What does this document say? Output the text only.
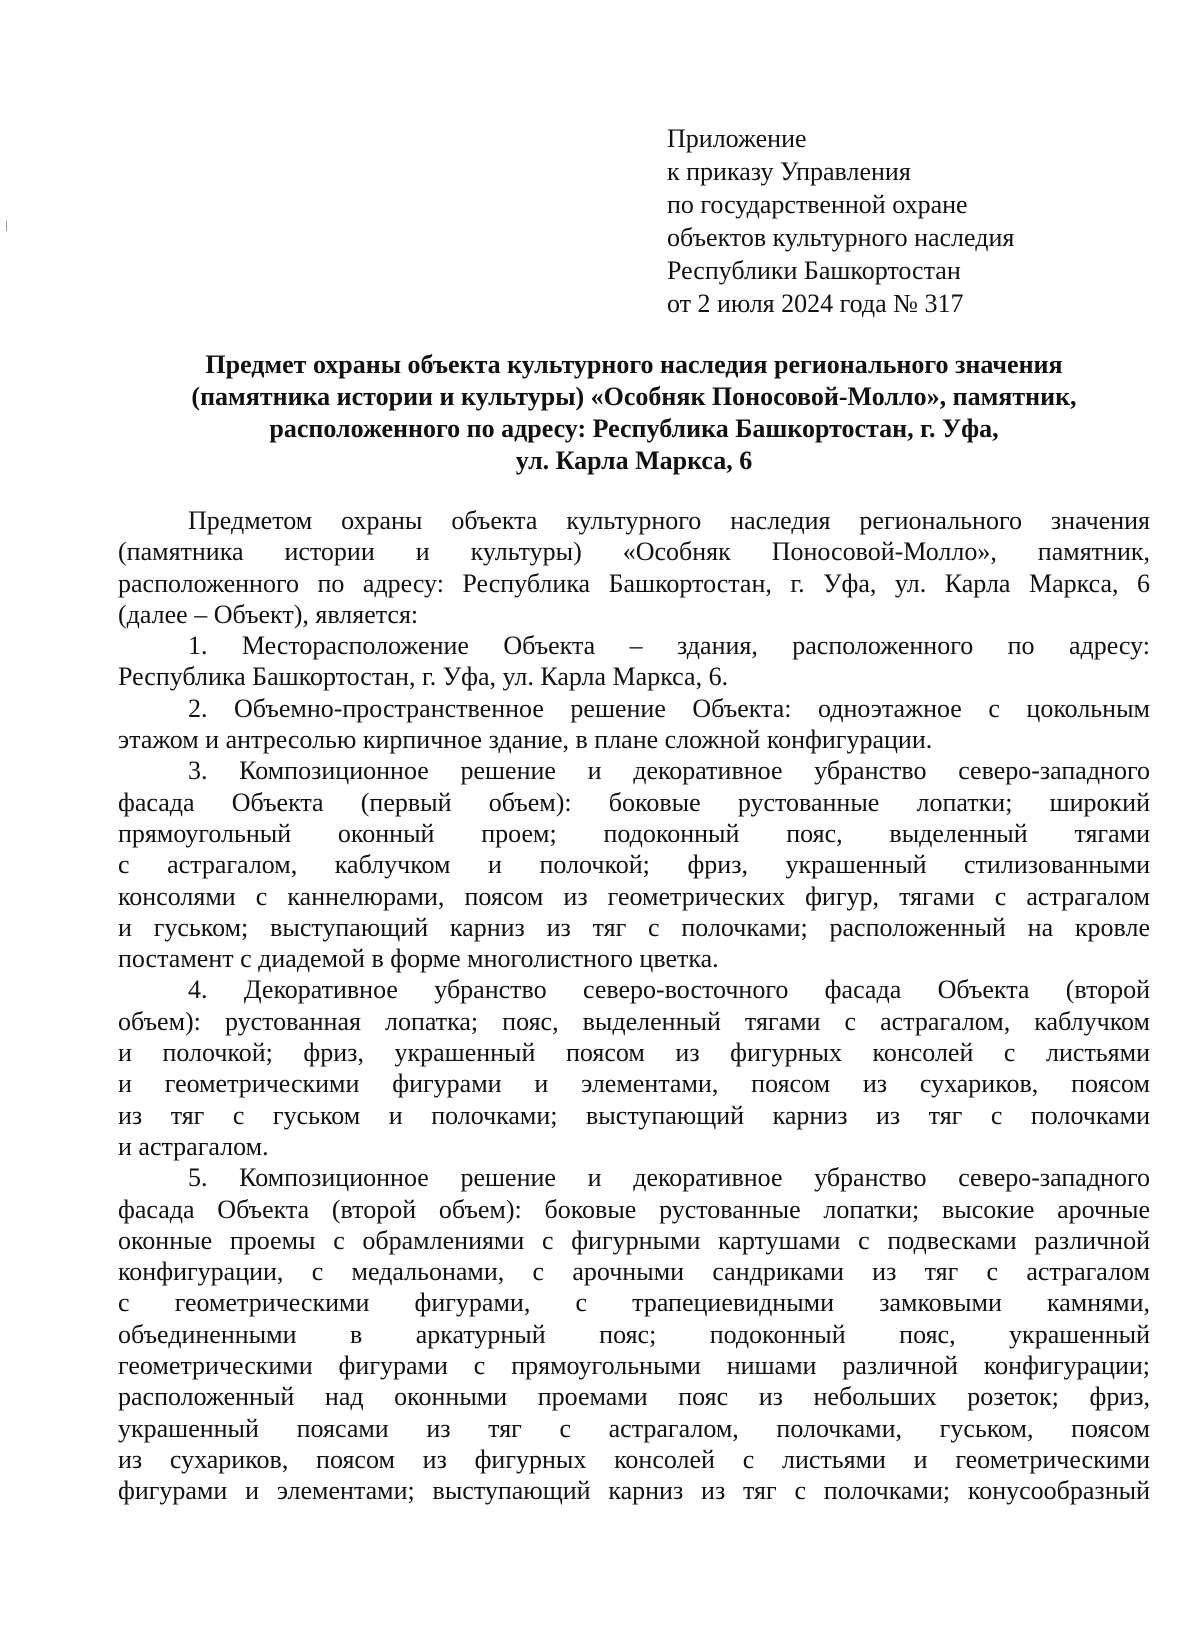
Приложение
к приказу Управления
по государственной охране
объектов культурного наследия
Республики Башкортостан
от 2 июля 2024 года № 317
Предмет охраны объекта культурного наследия регионального значения
(памятника истории и культуры) «Особняк Поносовой-Молло», памятник,
расположенного по адресу: Республика Башкортостан, г. Уфа,
ул. Карла Маркса, 6
Предметом охраны объекта культурного наследия регионального значения
(памятника истории и культуры) «Особняк Поносовой-Молло», памятник,
расположенного по адресу: Республика Башкортостан, г. Уфа, ул. Карла Маркса, 6
(далее – Объект), является:
1. Месторасположение Объекта – здания, расположенного по адресу:
Республика Башкортостан, г. Уфа, ул. Карла Маркса, 6.
2. Объемно-пространственное решение Объекта: одноэтажное с цокольным
этажом и антресолью кирпичное здание, в плане сложной конфигурации.
3. Композиционное решение и декоративное убранство северо-западного
фасада Объекта (первый объем): боковые рустованные лопатки; широкий
прямоугольный оконный проем; подоконный пояс, выделенный тягами
с астрагалом, каблучком и полочкой; фриз, украшенный стилизованными
консолями с каннелюрами, поясом из геометрических фигур, тягами с астрагалом
и гуськом; выступающий карниз из тяг с полочками; расположенный на кровле
постамент с диадемой в форме многолистного цветка.
4. Декоративное убранство северо-восточного фасада Объекта (второй
объем): рустованная лопатка; пояс, выделенный тягами с астрагалом, каблучком
и полочкой; фриз, украшенный поясом из фигурных консолей с листьями
и геометрическими фигурами и элементами, поясом из сухариков, поясом
из тяг с гуськом и полочками; выступающий карниз из тяг с полочками
и астрагалом.
5. Композиционное решение и декоративное убранство северо-западного
фасада Объекта (второй объем): боковые рустованные лопатки; высокие арочные
оконные проемы с обрамлениями с фигурными картушами с подвесками различной
конфигурации, с медальонами, с арочными сандриками из тяг с астрагалом
с геометрическими фигурами, с трапециевидными замковыми камнями,
объединенными в аркатурный пояс; подоконный пояс, украшенный
геометрическими фигурами с прямоугольными нишами различной конфигурации;
расположенный над оконными проемами пояс из небольших розеток; фриз,
украшенный поясами из тяг с астрагалом, полочками, гуськом, поясом
из сухариков, поясом из фигурных консолей с листьями и геометрическими
фигурами и элементами; выступающий карниз из тяг с полочками; конусообразный
